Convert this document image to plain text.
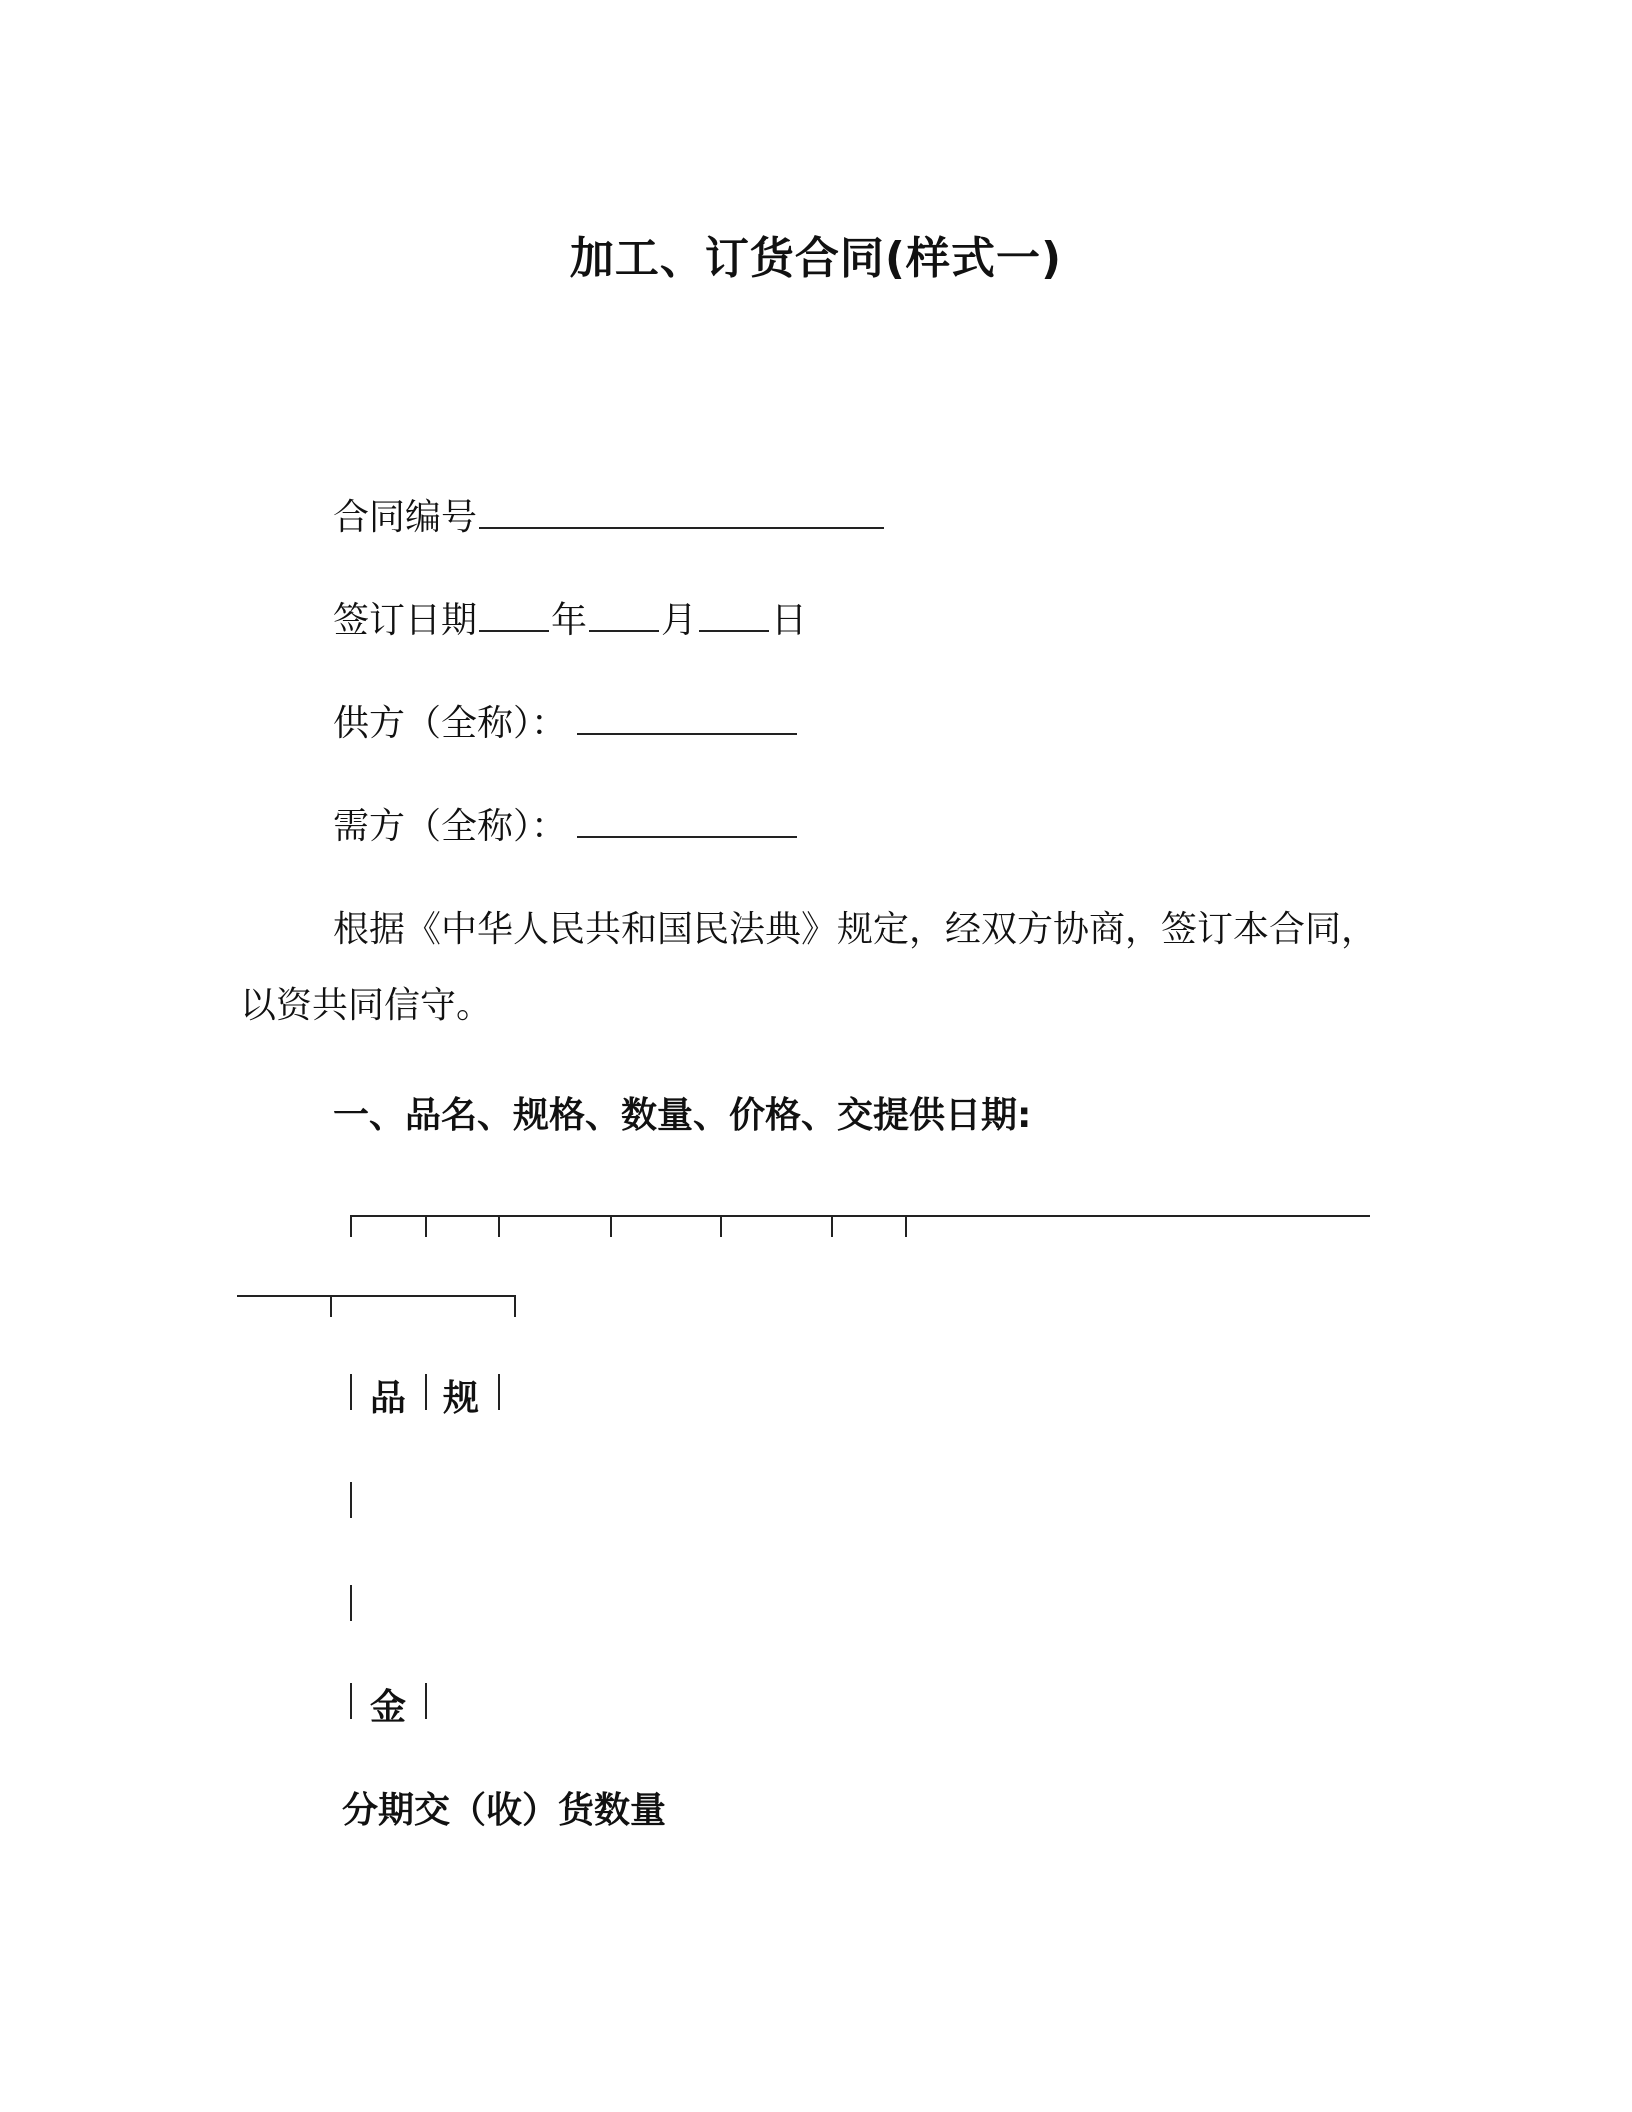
加工、订货合同(样式一)
合同编号
签订日期 年 月 日
供方（全称）：
需方（全称）：
根据《中华人民共和国民法典》规定，经双方协商，签订本合同，
以资共同信守。
一、品名、规格、数量、价格、交提供日期:
品 规
金
分期交（收）货数量
